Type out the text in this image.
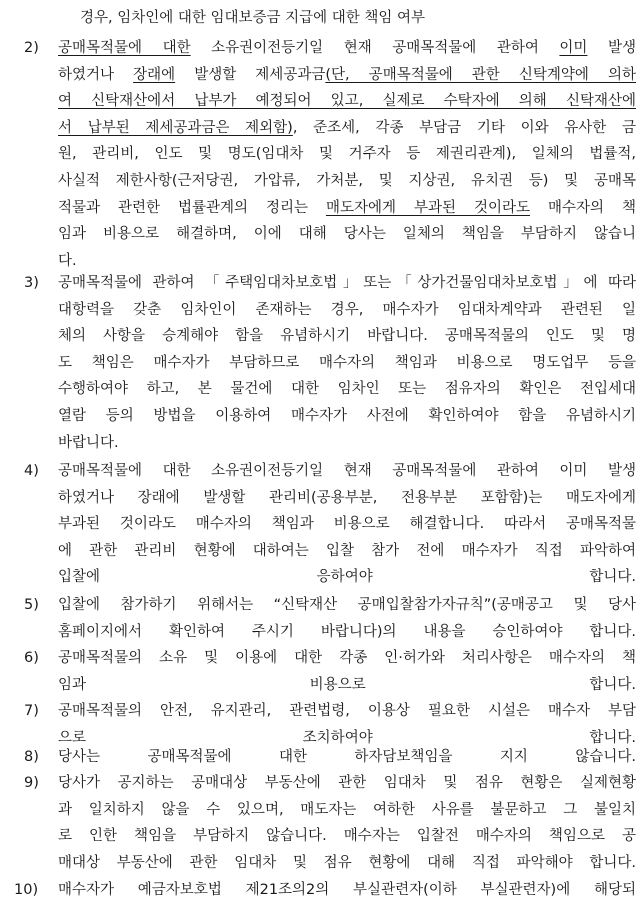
경우, 임차인에 대한 임대보증금 지급에 대한 책임 여부
2)	공매목적물에 대한 소유권이전등기일 현재 공매목적물에 관하여 이미 발생
하였거나 장래에 발생할 제세공과금(단, 공매목적물에 관한 신탁계약에 의하
여 신탁재산에서 납부가 예정되어 있고, 실제로 수탁자에 의해 신탁재산에
서 납부된 제세공과금은 제외함), 준조세, 각종 부담금 기타 이와 유사한 금
원, 관리비, 인도 및 명도(임대차 및 거주자 등 제권리관계), 일체의 법률적,
사실적 제한사항(근저당권, 가압류, 가처분, 및 지상권, 유치권 등) 및 공매목
적물과 관련한 법률관계의 정리는 매도자에게 부과된 것이라도 매수자의 책
임과 비용으로 해결하며, 이에 대해 당사는 일체의 책임을 부담하지 않습니
다.
3)	공매목적물에 관하여 「주택임대차보호법」또는「상가건물임대차보호법」에 따라
대항력을 갖춘 임차인이 존재하는 경우, 매수자가 임대차계약과 관련된 일
체의 사항을 승계해야 함을 유념하시기 바랍니다. 공매목적물의 인도 및 명
도 책임은 매수자가 부담하므로 매수자의 책임과 비용으로 명도업무 등을
수행하여야 하고, 본 물건에 대한 임차인 또는 점유자의 확인은 전입세대
열람 등의 방법을 이용하여 매수자가 사전에 확인하여야 함을 유념하시기
바랍니다.
4)	공매목적물에 대한 소유권이전등기일 현재 공매목적물에 관하여 이미 발생
하였거나 장래에 발생할 관리비(공용부분, 전용부분 포함함)는 매도자에게
부과된 것이라도 매수자의 책임과 비용으로 해결합니다. 따라서 공매목적물
에 관한 관리비 현황에 대하여는 입찰 참가 전에 매수자가 직접 파악하여
입찰에 응하여야 합니다.
5)	입찰에 참가하기 위해서는 “신탁재산 공매입찰참가자규칙”(공매공고 및 당사
홈페이지에서 확인하여 주시기 바랍니다)의 내용을 승인하여야 합니다.
6)	공매목적물의 소유 및 이용에 대한 각종 인·허가와 처리사항은 매수자의 책
임과 비용으로 합니다.
7)	공매목적물의 안전, 유지관리, 관련법령, 이용상 필요한 시설은 매수자 부담
으로 조치하여야 합니다.
8)	당사는 공매목적물에 대한 하자담보책임을 지지 않습니다.
9)	당사가 공지하는 공매대상 부동산에 관한 임대차 및 점유 현황은 실제현황
과 일치하지 않을 수 있으며, 매도자는 여하한 사유를 불문하고 그 불일치
로 인한 책임을 부담하지 않습니다. 매수자는 입찰전 매수자의 책임으로 공
매대상 부동산에 관한 임대차 및 점유 현황에 대해 직접 파악해야 합니다.
10)	매수자가 예금자보호법 제21조의2의 부실관련자(이하 부실관련자)에 해당되
